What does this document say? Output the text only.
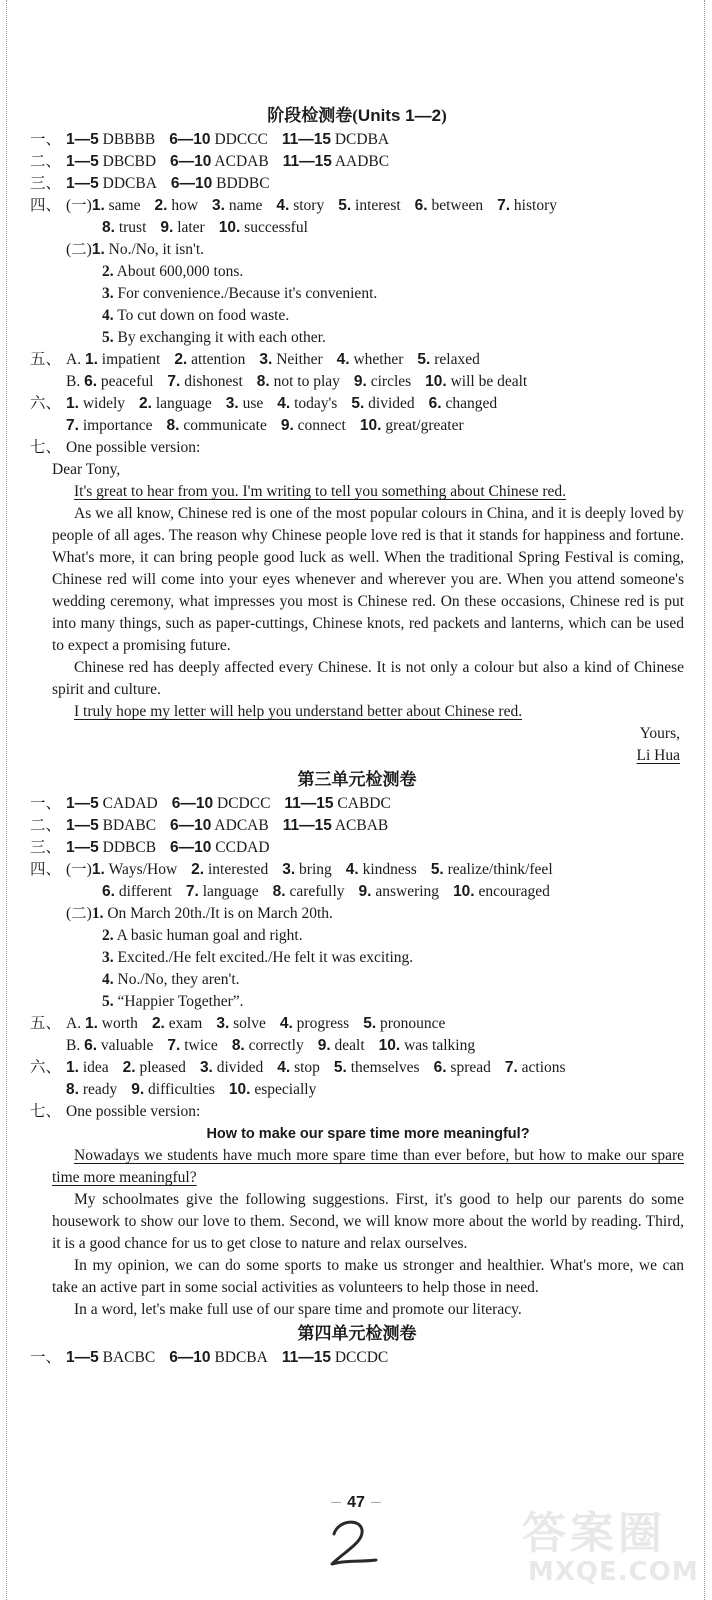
阶段检测卷(Units 1—2)
一、 1—5 DBBBB 6—10 DDCCC 11—15 DCDBA
二、 1—5 DBCBD 6—10 ACDAB 11—15 AADBC
三、 1—5 DDCBA 6—10 BDDBC
四、 (一)1. same 2. how 3. name 4. story 5. interest 6. between 7. history
8. trust 9. later 10. successful
(二)1. No./No, it isn't.
2. About 600,000 tons.
3. For convenience./Because it's convenient.
4. To cut down on food waste.
5. By exchanging it with each other.
五、 A. 1. impatient 2. attention 3. Neither 4. whether 5. relaxed
B. 6. peaceful 7. dishonest 8. not to play 9. circles 10. will be dealt
六、 1. widely 2. language 3. use 4. today's 5. divided 6. changed
7. importance 8. communicate 9. connect 10. great/greater
七、 One possible version:
Dear Tony,
It's great to hear from you. I'm writing to tell you something about Chinese red.
As we all know, Chinese red is one of the most popular colours in China, and it is deeply loved by people of all ages. The reason why Chinese people love red is that it stands for happiness and fortune. What's more, it can bring people good luck as well. When the traditional Spring Festival is coming, Chinese red will come into your eyes whenever and wherever you are. When you attend someone's wedding ceremony, what impresses you most is Chinese red. On these occasions, Chinese red is put into many things, such as paper-cuttings, Chinese knots, red packets and lanterns, which can be used to expect a promising future.
Chinese red has deeply affected every Chinese. It is not only a colour but also a kind of Chinese spirit and culture.
I truly hope my letter will help you understand better about Chinese red.
Yours,
Li Hua
第三单元检测卷
一、 1—5 CADAD 6—10 DCDCC 11—15 CABDC
二、 1—5 BDABC 6—10 ADCAB 11—15 ACBAB
三、 1—5 DDBCB 6—10 CCDAD
四、 (一)1. Ways/How 2. interested 3. bring 4. kindness 5. realize/think/feel
6. different 7. language 8. carefully 9. answering 10. encouraged
(二)1. On March 20th./It is on March 20th.
2. A basic human goal and right.
3. Excited./He felt excited./He felt it was exciting.
4. No./No, they aren't.
5. “Happier Together”.
五、 A. 1. worth 2. exam 3. solve 4. progress 5. pronounce
B. 6. valuable 7. twice 8. correctly 9. dealt 10. was talking
六、 1. idea 2. pleased 3. divided 4. stop 5. themselves 6. spread 7. actions
8. ready 9. difficulties 10. especially
七、 One possible version:
How to make our spare time more meaningful?
Nowadays we students have much more spare time than ever before, but how to make our spare time more meaningful?
My schoolmates give the following suggestions. First, it's good to help our parents do some housework to show our love to them. Second, we will know more about the world by reading. Third, it is a good chance for us to get close to nature and relax ourselves.
In my opinion, we can do some sports to make us stronger and healthier. What's more, we can take an active part in some social activities as volunteers to help those in need.
In a word, let's make full use of our spare time and promote our literacy.
第四单元检测卷
一、 1—5 BACBC 6—10 BDCBA 11—15 DCCDC
— 47 —
答案圈
MXQE.COM
